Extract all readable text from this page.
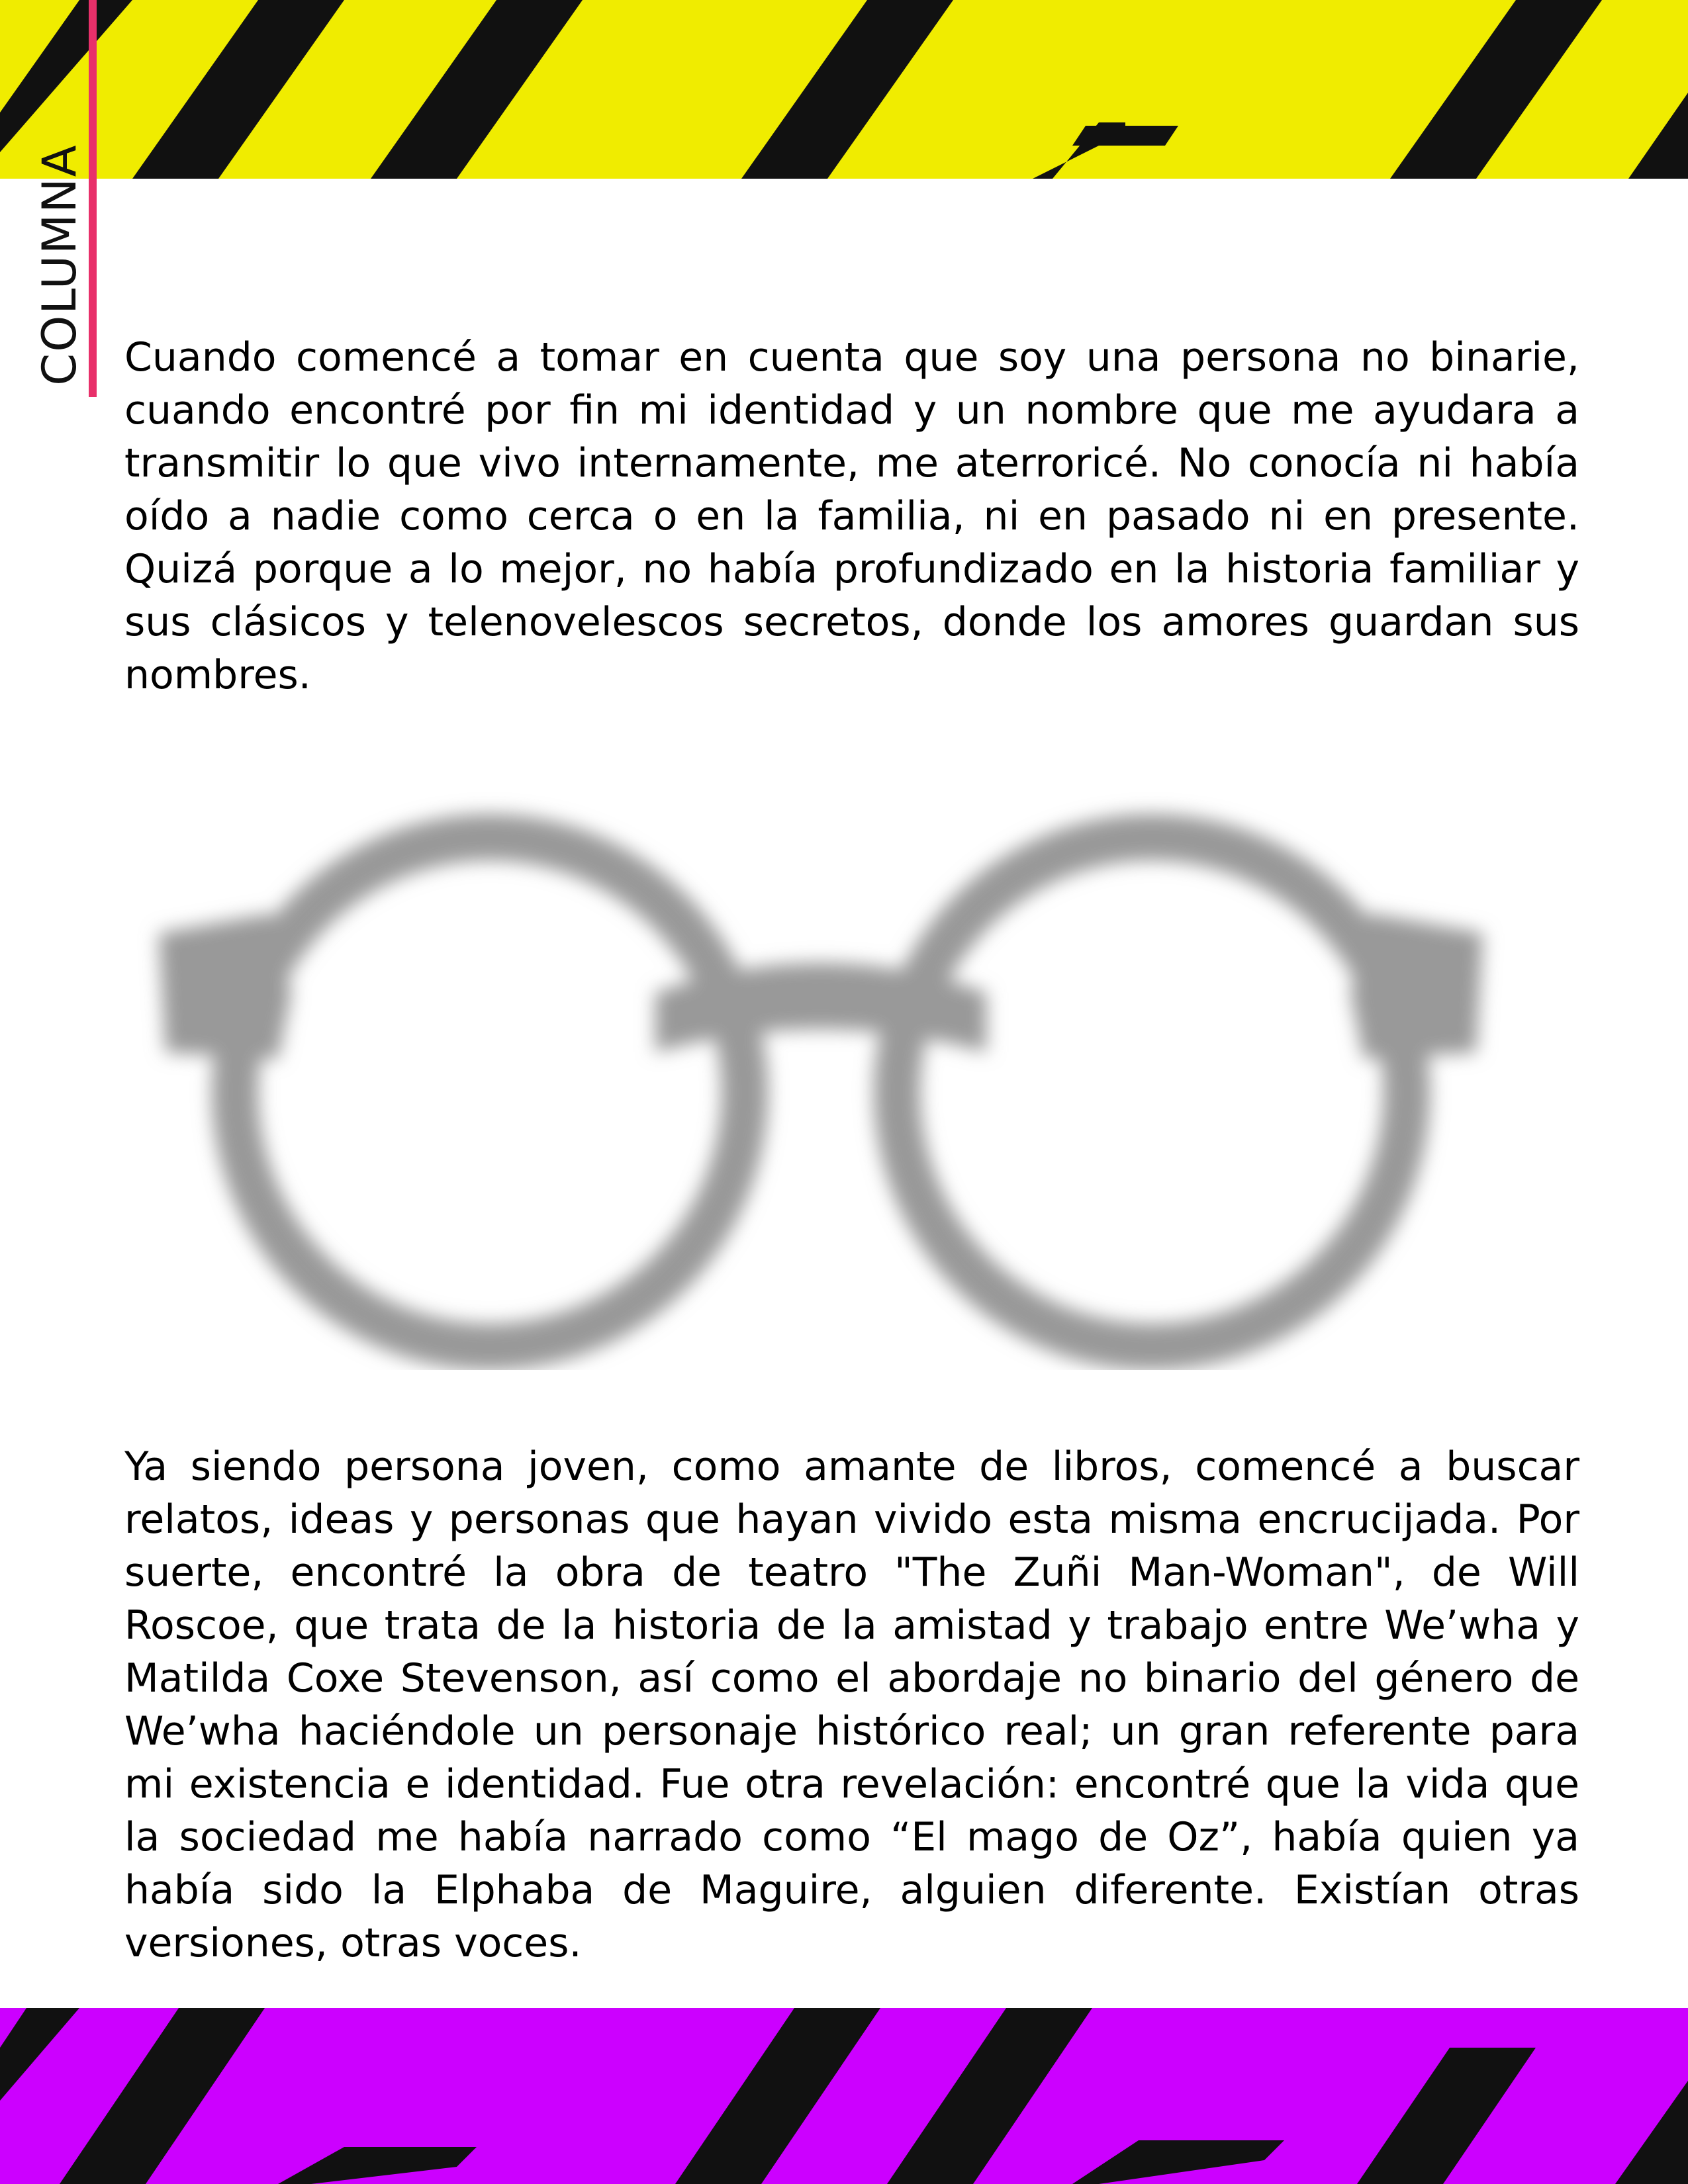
COLUMNA Cuando comencé a tomar en cuenta que soy una persona no binarie, cuando encontré por fin mi identidad y un nombre que me ayudara a transmitir lo que vivo internamente, me aterroricé. No conocía ni había oído a nadie como cerca o en la familia, ni en pasado ni en presente. Quizá porque a lo mejor, no había profundizado en la historia familiar y sus clásicos y telenovelescos secretos, donde los amores guardan sus nombres.

Ya siendo persona joven, como amante de libros, comencé a buscar relatos, ideas y personas que hayan vivido esta misma encrucijada. Por suerte, encontré la obra de teatro "The Zuñi Man-Woman", de Will Roscoe, que trata de la historia de la amistad y trabajo entre We’wha y Matilda Coxe Stevenson, así como el abordaje no binario del género de We’wha haciéndole un personaje histórico real; un gran referente para mi existencia e identidad. Fue otra revelación: encontré que la vida que la sociedad me había narrado como “El mago de Oz”, había quien ya había sido la Elphaba de Maguire, alguien diferente. Existían otras versiones, otras voces.
